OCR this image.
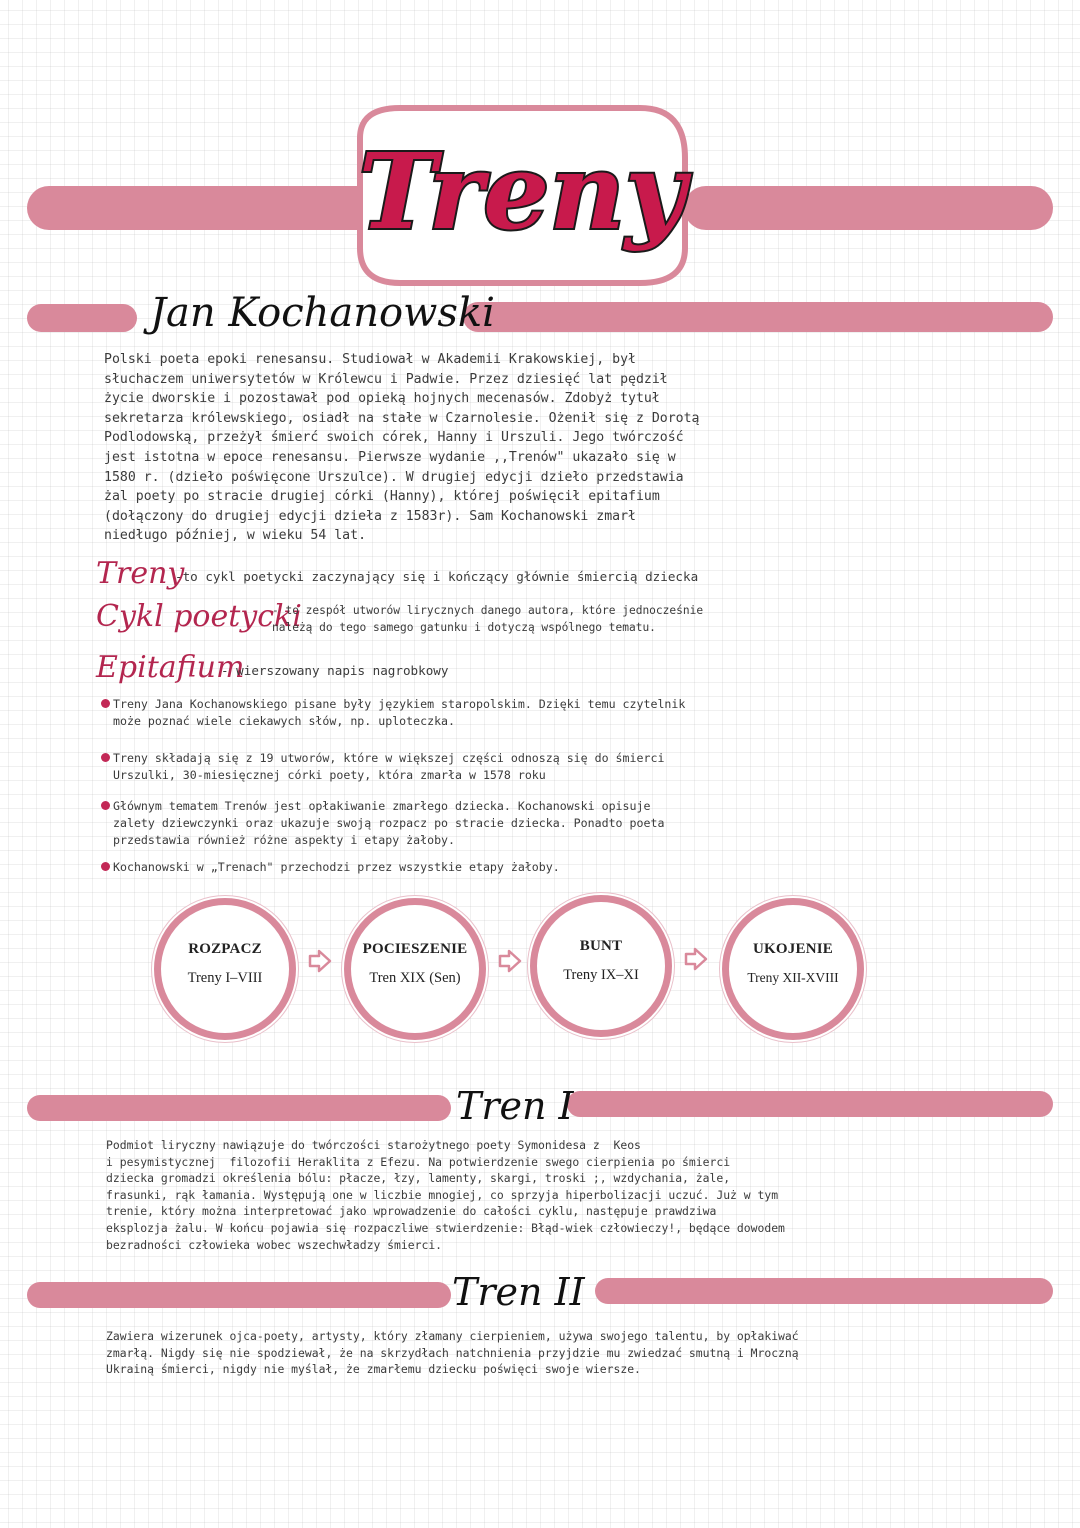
Treny
Jan Kochanowski

Polski poeta epoki renesansu. Studiował w Akademii Krakowskiej, był
słuchaczem uniwersytetów w Królewcu i Padwie. Przez dziesięć lat pędził
życie dworskie i pozostawał pod opieką hojnych mecenasów. Zdobyż tytuł
sekretarza królewskiego, osiadł na stałe w Czarnolesie. Ożenił się z Dorotą
Podlodowską, przeżył śmierć swoich córek, Hanny i Urszuli. Jego twórczość
jest istotna w epoce renesansu. Pierwsze wydanie ,,Trenów" ukazało się w
1580 r. (dzieło poświęcone Urszulce). W drugiej edycji dzieło przedstawia
żal poety po stracie drugiej córki (Hanny), której poświęcił epitafium
(dołączony do drugiej edycji dzieła z 1583r). Sam Kochanowski zmarł
niedługo później, w wieku 54 lat.

Treny

-to cykl poetycki zaczynający się i kończący głównie śmiercią dziecka

Cykl poetycki

- to zespół utworów lirycznych danego autora, które jednocześnie
należą do tego samego gatunku i dotyczą wspólnego tematu.

Epitafium

- wierszowany napis nagrobkowy

Treny Jana Kochanowskiego pisane były językiem staropolskim. Dzięki temu czytelnik
może poznać wiele ciekawych słów, np. uploteczka.
Treny składają się z 19 utworów, które w większej części odnoszą się do śmierci
Urszulki, 30-miesięcznej córki poety, która zmarła w 1578 roku
Głównym tematem Trenów jest opłakiwanie zmarłego dziecka. Kochanowski opisuje
zalety dziewczynki oraz ukazuje swoją rozpacz po stracie dziecka. Ponadto poeta
przedstawia również różne aspekty i etapy żałoby.
Kochanowski w „Trenach" przechodzi przez wszystkie etapy żałoby.
ROZPACZ
Treny I–VIII
POCIESZENIE
Tren XIX (Sen)
BUNT
Treny IX–XI
UKOJENIE
Treny XII-XVIII
Tren I

Podmiot liryczny nawiązuje do twórczości starożytnego poety Symonidesa z  Keos
i pesymistycznej  filozofii Heraklita z Efezu. Na potwierdzenie swego cierpienia po śmierci
dziecka gromadzi określenia bólu: płacze, łzy, lamenty, skargi, troski ;, wzdychania, żale,
frasunki, rąk łamania. Występują one w liczbie mnogiej, co sprzyja hiperbolizacji uczuć. Już w tym
trenie, który można interpretować jako wprowadzenie do całości cyklu, następuje prawdziwa
eksplozja żalu. W końcu pojawia się rozpaczliwe stwierdzenie: Błąd-wiek człowieczy!, będące dowodem
bezradności człowieka wobec wszechwładzy śmierci.

Tren II

Zawiera wizerunek ojca-poety, artysty, który złamany cierpieniem, używa swojego talentu, by opłakiwać
zmarłą. Nigdy się nie spodziewał, że na skrzydłach natchnienia przyjdzie mu zwiedzać smutną i Mroczną
Ukrainą śmierci, nigdy nie myślał, że zmarłemu dziecku poświęci swoje wiersze.
